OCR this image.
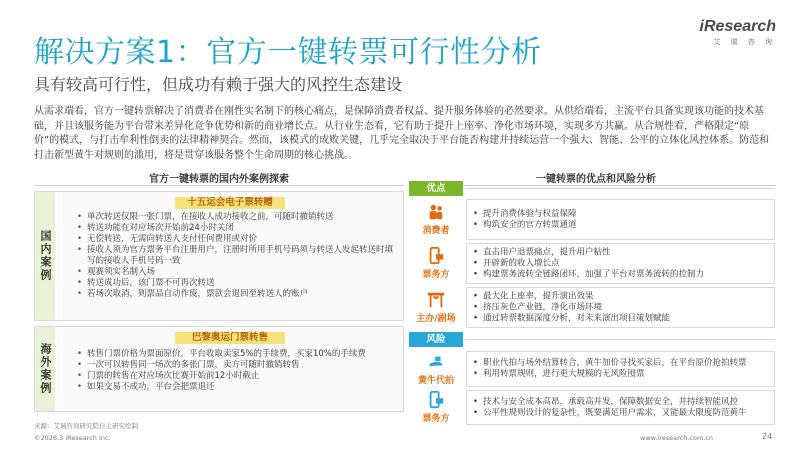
解决方案1：官方一键转票可行性分析
具有较高可行性，但成功有赖于强大的风控生态建设
iResearch
艾 瑞 咨 询
从需求端看，官方一键转票解决了消费者在刚性实名制下的核心痛点，是保障消费者权益、提升服务体验的必然要求。从供给端看，主流平台具备实现该功能的技术基础，并且该服务能为平台带来差异化竞争优势和新的商业增长点。从行业生态看，它有助于提升上座率、净化市场环境，实现多方共赢。从合规性看，严格限定“原价”的模式，与打击牟利性倒卖的法律精神契合。然而，该模式的成败关键，几乎完全取决于平台能否构建并持续运营一个强大、智能、公平的立体化风控体系。防范和打击新型黄牛对规则的滥用，将是贯穿该服务整个生命周期的核心挑战。
官方一键转票的国内外案例探索
国内案例
十五运会电子票转赠
• 单次转送仅限一张门票，在接收人成功接收之前，可随时撤销转送
• 转送功能在对应场次开始前24小时关闭
• 无偿转送，无需向转送人支付任何费用或对价
• 接收人须为官方票务平台注册用户，注册时所用手机号码须与转送人发起转送时填写的接收人手机号码一致
• 观赛须实名制入场
• 转送成功后，该门票不可再次转送
• 若场次取消，则票品自动作废，票款会退回至转送人的账户
海外案例
巴黎奥运门票转售
• 转售门票价格为票面原价，平台收取卖家5%的手续费，买家10%的手续费
• 一次可以转售同一场次的多张门票，卖方可随时撤销转售
• 门票的转售在对应场次比赛开始前12小时截止
• 如果交易不成功，平台会把票退还
一键转票的优点和风险分析
优点
消费者
• 提升消费体验与权益保障
• 构筑安全的官方转票通道
票务方
• 直击用户退票痛点，提升用户粘性
• 开辟新的收入增长点
• 构建票务流转全链路闭环，加强了平台对票务流转的控制力
主办/剧场
• 最大化上座率，提升演出效果
• 挤压灰色产业链，净化市场环境
• 通过转票数据深度分析，对未来演出项目策划赋能
风险
黄牛代拍
• 职业代拍与场外结算转合，黄牛加价寻找买家后，在平台原价抢拍转票
• 利用转票规则，进行更大规模的无风险囤票
票务方
• 技术与安全成本高昂，承载高并发，保障数据安全，并持续智能风控
• 公平性规则设计的复杂性，既要满足用户需求，又能最大限度防范黄牛
来源：艾瑞咨询研究院自主研究绘制
©2026.3 iResearch Inc.	www.iresearch.com.cn	24
